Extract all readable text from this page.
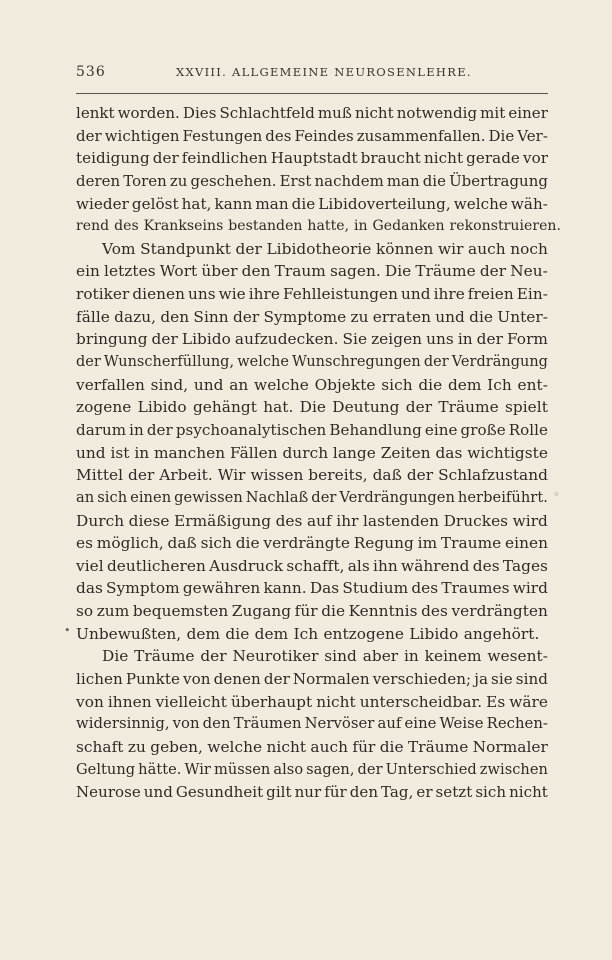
536	XXVIII. ALLGEMEINE NEUROSENLEHRE.
lenkt worden. Dies Schlachtfeld muß nicht notwendig mit einer
der wichtigen Festungen des Feindes zusammenfallen. Die Ver-
teidigung der feindlichen Hauptstadt braucht nicht gerade vor
deren Toren zu geschehen. Erst nachdem man die Übertragung
wieder gelöst hat, kann man die Libidoverteilung, welche wäh-
rend des Krankseins bestanden hatte, in Gedanken rekonstruieren.
Vom Standpunkt der Libidotheorie können wir auch noch
ein letztes Wort über den Traum sagen. Die Träume der Neu-
rotiker dienen uns wie ihre Fehlleistungen und ihre freien Ein-
fälle dazu, den Sinn der Symptome zu erraten und die Unter-
bringung der Libido aufzudecken. Sie zeigen uns in der Form
der Wunscherfüllung, welche Wunschregungen der Verdrängung
verfallen sind, und an welche Objekte sich die dem Ich ent-
zogene Libido gehängt hat. Die Deutung der Träume spielt
darum in der psychoanalytischen Behandlung eine große Rolle
und ist in manchen Fällen durch lange Zeiten das wichtigste
Mittel der Arbeit. Wir wissen bereits, daß der Schlafzustand
an sich einen gewissen Nachlaß der Verdrängungen herbeiführt.
Durch diese Ermäßigung des auf ihr lastenden Druckes wird
es möglich, daß sich die verdrängte Regung im Traume einen
viel deutlicheren Ausdruck schafft, als ihn während des Tages
das Symptom gewähren kann. Das Studium des Traumes wird
so zum bequemsten Zugang für die Kenntnis des verdrängten
Unbewußten, dem die dem Ich entzogene Libido angehört.
Die Träume der Neurotiker sind aber in keinem wesent-
lichen Punkte von denen der Normalen verschieden; ja sie sind
von ihnen vielleicht überhaupt nicht unterscheidbar. Es wäre
widersinnig, von den Träumen Nervöser auf eine Weise Rechen-
schaft zu geben, welche nicht auch für die Träume Normaler
Geltung hätte. Wir müssen also sagen, der Unterschied zwischen
Neurose und Gesundheit gilt nur für den Tag, er setzt sich nicht
◦
•
